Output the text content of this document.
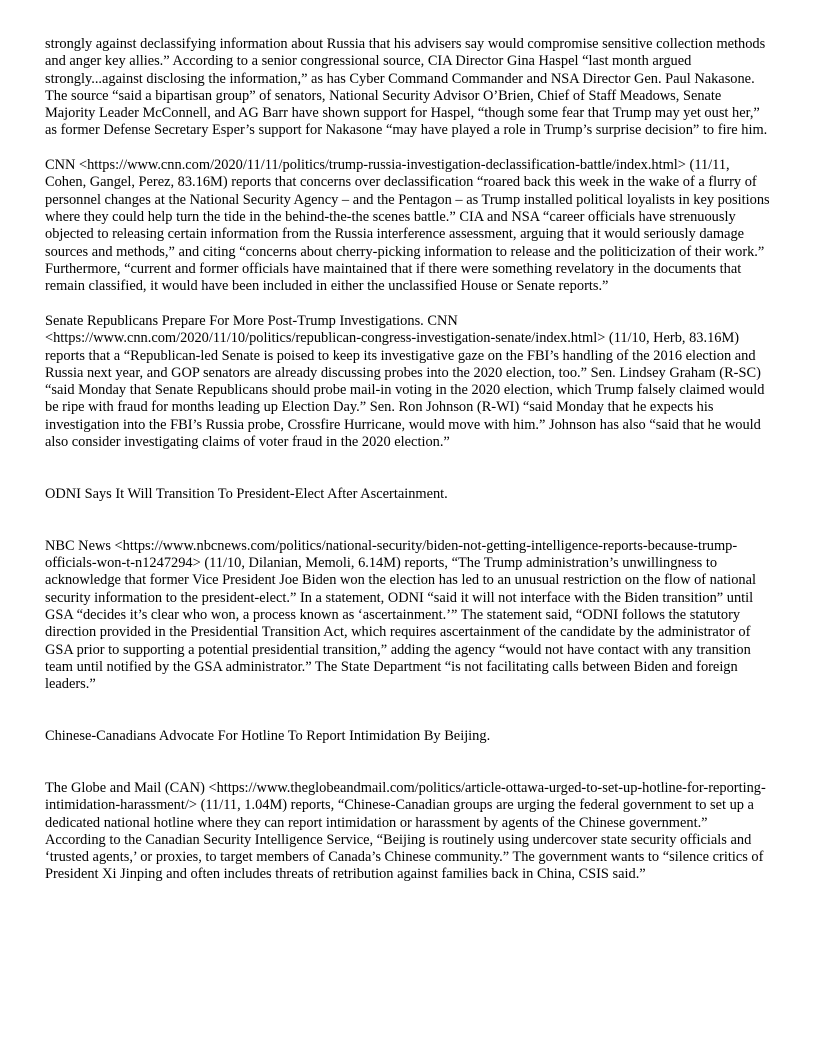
strongly against declassifying information about Russia that his advisers say would compromise sensitive collection methods and anger key allies.” According to a senior congressional source, CIA Director Gina Haspel “last month argued strongly...against disclosing the information,” as has Cyber Command Commander and NSA Director Gen. Paul Nakasone. The source “said a bipartisan group” of senators, National Security Advisor O’Brien, Chief of Staff Meadows, Senate Majority Leader McConnell, and AG Barr have shown support for Haspel, “though some fear that Trump may yet oust her,” as former Defense Secretary Esper’s support for Nakasone “may have played a role in Trump’s surprise decision” to fire him.

CNN <https://www.cnn.com/2020/11/11/politics/trump-russia-investigation-declassification-battle/index.html> (11/11, Cohen, Gangel, Perez, 83.16M) reports that concerns over declassification “roared back this week in the wake of a flurry of personnel changes at the National Security Agency – and the Pentagon – as Trump installed political loyalists in key positions where they could help turn the tide in the behind-the-the scenes battle.” CIA and NSA “career officials have strenuously objected to releasing certain information from the Russia interference assessment, arguing that it would seriously damage sources and methods,” and citing “concerns about cherry-picking information to release and the politicization of their work.” Furthermore, “current and former officials have maintained that if there were something revelatory in the documents that remain classified, it would have been included in either the unclassified House or Senate reports.”

Senate Republicans Prepare For More Post-Trump Investigations. CNN <https://www.cnn.com/2020/11/10/politics/republican-congress-investigation-senate/index.html> (11/10, Herb, 83.16M) reports that a “Republican-led Senate is poised to keep its investigative gaze on the FBI’s handling of the 2016 election and Russia next year, and GOP senators are already discussing probes into the 2020 election, too.” Sen. Lindsey Graham (R-SC) “said Monday that Senate Republicans should probe mail-in voting in the 2020 election, which Trump falsely claimed would be ripe with fraud for months leading up Election Day.” Sen. Ron Johnson (R-WI) “said Monday that he expects his investigation into the FBI’s Russia probe, Crossfire Hurricane, would move with him.” Johnson has also “said that he would also consider investigating claims of voter fraud in the 2020 election.”

ODNI Says It Will Transition To President-Elect After Ascertainment.

NBC News <https://www.nbcnews.com/politics/national-security/biden-not-getting-intelligence-reports-because-trump-officials-won-t-n1247294> (11/10, Dilanian, Memoli, 6.14M) reports, “The Trump administration’s unwillingness to acknowledge that former Vice President Joe Biden won the election has led to an unusual restriction on the flow of national security information to the president-elect.” In a statement, ODNI “said it will not interface with the Biden transition” until GSA “decides it’s clear who won, a process known as ‘ascertainment.’” The statement said, “ODNI follows the statutory direction provided in the Presidential Transition Act, which requires ascertainment of the candidate by the administrator of GSA prior to supporting a potential presidential transition,” adding the agency “would not have contact with any transition team until notified by the GSA administrator.” The State Department “is not facilitating calls between Biden and foreign leaders.”

Chinese-Canadians Advocate For Hotline To Report Intimidation By Beijing.

The Globe and Mail (CAN) <https://www.theglobeandmail.com/politics/article-ottawa-urged-to-set-up-hotline-for-reporting-intimidation-harassment/> (11/11, 1.04M) reports, “Chinese-Canadian groups are urging the federal government to set up a dedicated national hotline where they can report intimidation or harassment by agents of the Chinese government.” According to the Canadian Security Intelligence Service, “Beijing is routinely using undercover state security officials and ‘trusted agents,’ or proxies, to target members of Canada’s Chinese community.” The government wants to “silence critics of President Xi Jinping and often includes threats of retribution against families back in China, CSIS said.”
